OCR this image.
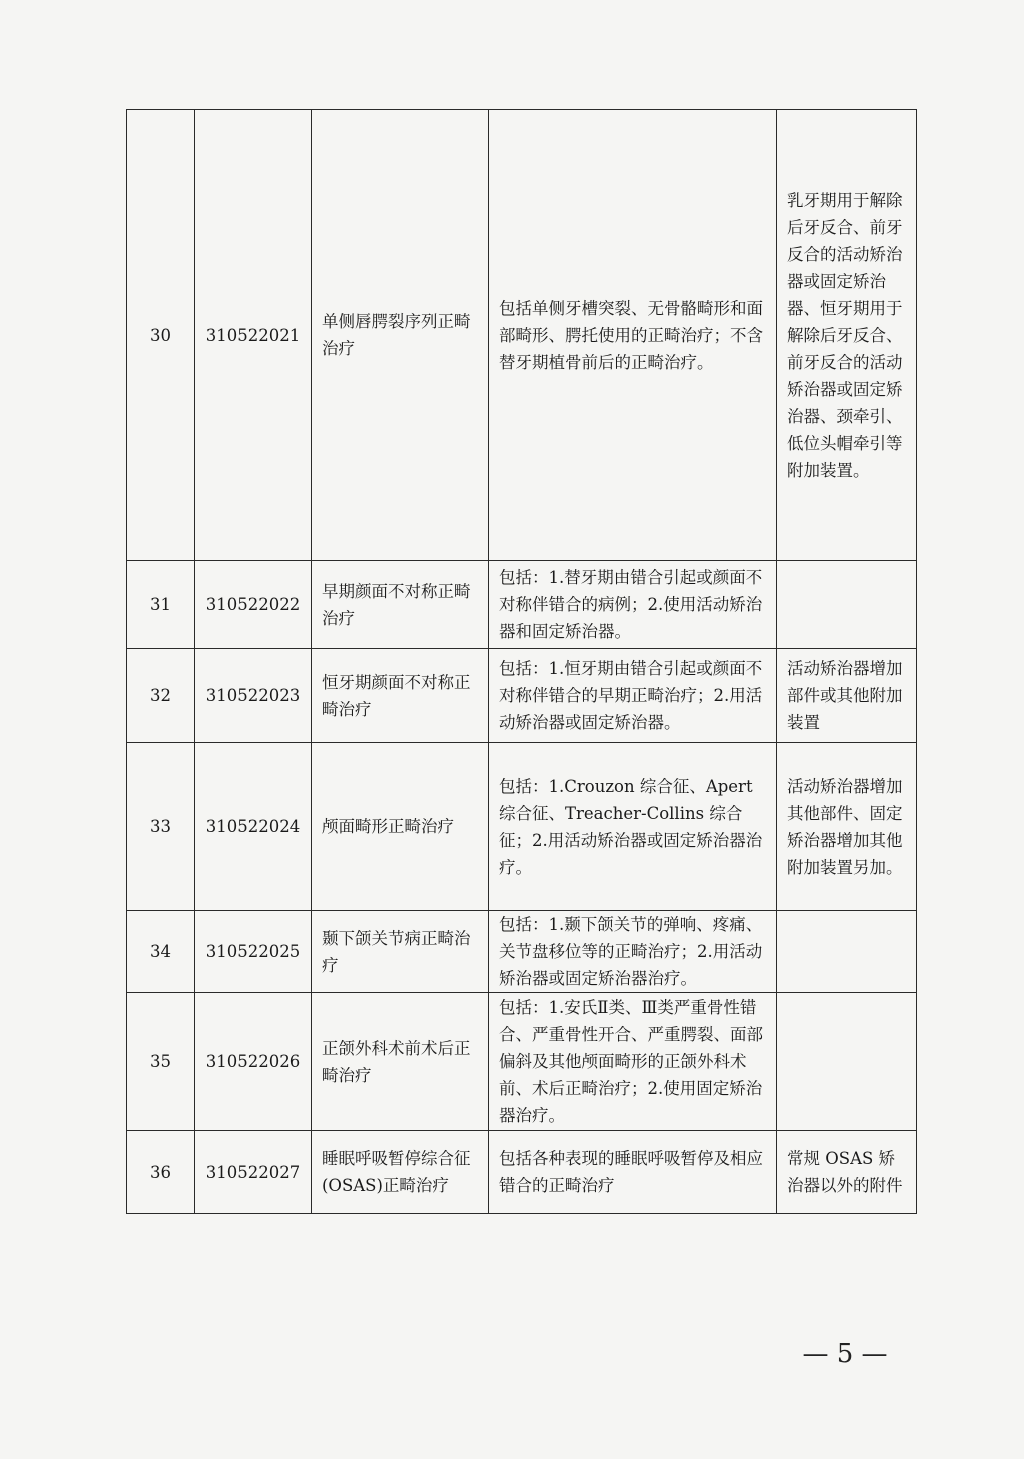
30	310522021	单侧唇腭裂序列正畸治疗	包括单侧牙槽突裂、无骨骼畸形和面部畸形、腭托使用的正畸治疗；不含替牙期植骨前后的正畸治疗。	乳牙期用于解除后牙反合、前牙反合的活动矫治器或固定矫治器、恒牙期用于解除后牙反合、前牙反合的活动矫治器或固定矫治器、颈牵引、低位头帽牵引等附加装置。
31	310522022	早期颜面不对称正畸治疗	包括：1.替牙期由错合引起或颜面不对称伴错合的病例；2.使用活动矫治器和固定矫治器。	
32	310522023	恒牙期颜面不对称正畸治疗	包括：1.恒牙期由错合引起或颜面不对称伴错合的早期正畸治疗；2.用活动矫治器或固定矫治器。	活动矫治器增加部件或其他附加装置
33	310522024	颅面畸形正畸治疗	包括：1.Crouzon 综合征、Apert 综合征、Treacher-Collins 综合征；2.用活动矫治器或固定矫治器治疗。	活动矫治器增加其他部件、固定矫治器增加其他附加装置另加。
34	310522025	颞下颌关节病正畸治疗	包括：1.颞下颌关节的弹响、疼痛、关节盘移位等的正畸治疗；2.用活动矫治器或固定矫治器治疗。	
35	310522026	正颌外科术前术后正畸治疗	包括：1.安氏Ⅱ类、Ⅲ类严重骨性错合、严重骨性开合、严重腭裂、面部偏斜及其他颅面畸形的正颌外科术前、术后正畸治疗；2.使用固定矫治器治疗。	
36	310522027	睡眠呼吸暂停综合征(OSAS)正畸治疗	包括各种表现的睡眠呼吸暂停及相应错合的正畸治疗	常规 OSAS 矫治器以外的附件
— 5 —
